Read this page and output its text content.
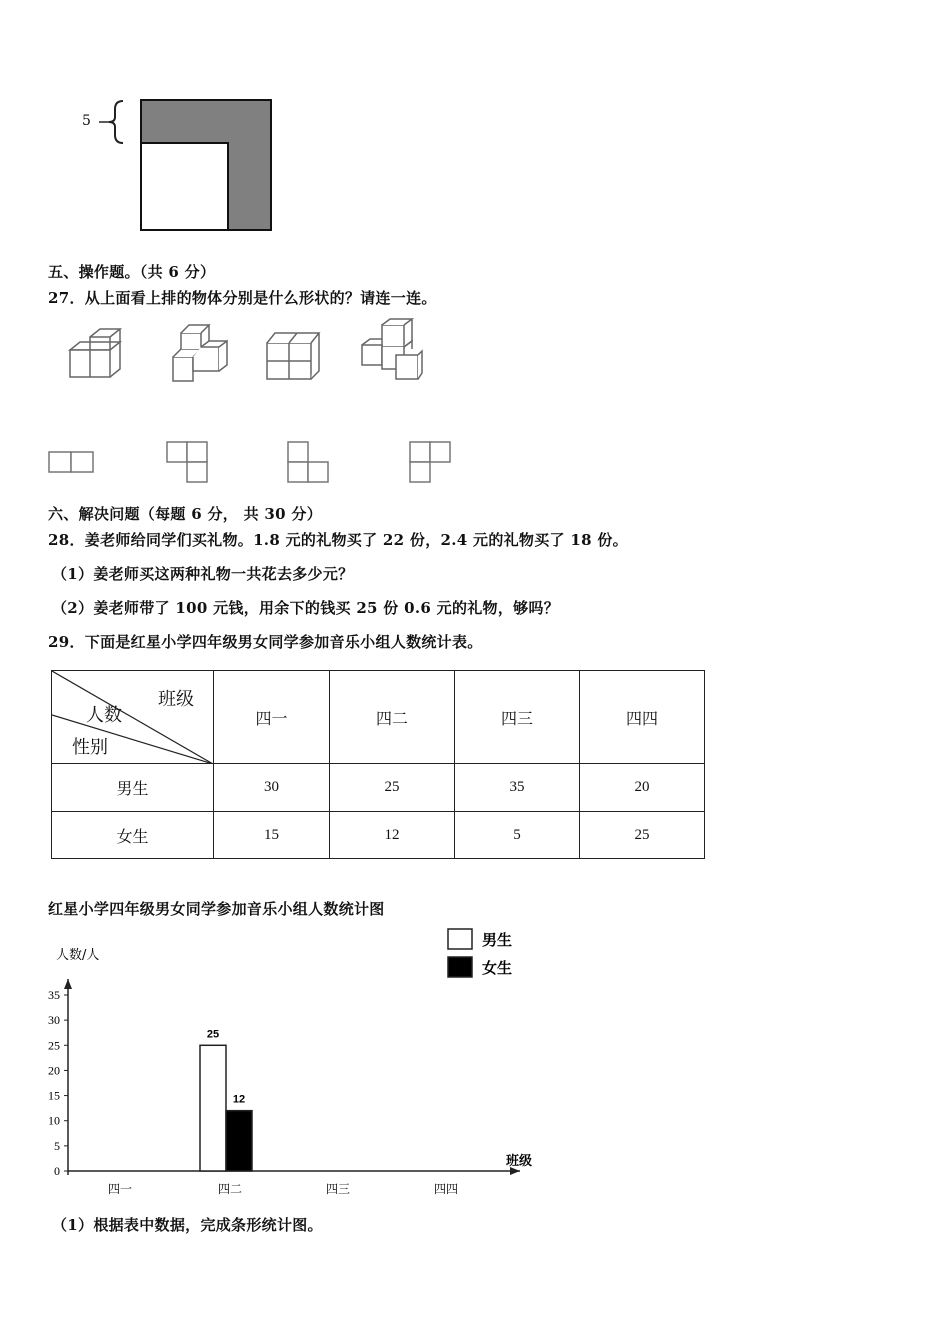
5
五、操作题。（共 6 分）
27．从上面看上排的物体分别是什么形状的？请连一连。
六、解决问题（每题 6 分， 共 30 分）
28．姜老师给同学们买礼物。1.8 元的礼物买了 22 份，2.4 元的礼物买了 18 份。
（1）姜老师买这两种礼物一共花去多少元？
（2）姜老师带了 100 元钱，用余下的钱买 25 份 0.6 元的礼物，够吗？
29．下面是红星小学四年级男女同学参加音乐小组人数统计表。
班级
人数
性别	四一	四二	四三	四四
男生	30	25	35	20
女生	15	12	5	25
红星小学四年级男女同学参加音乐小组人数统计图
人数/人
班级
0
5
10
15
20
25
30
35
四一	四二	四三	四四
25
12
男生
女生
（1）根据表中数据，完成条形统计图。
